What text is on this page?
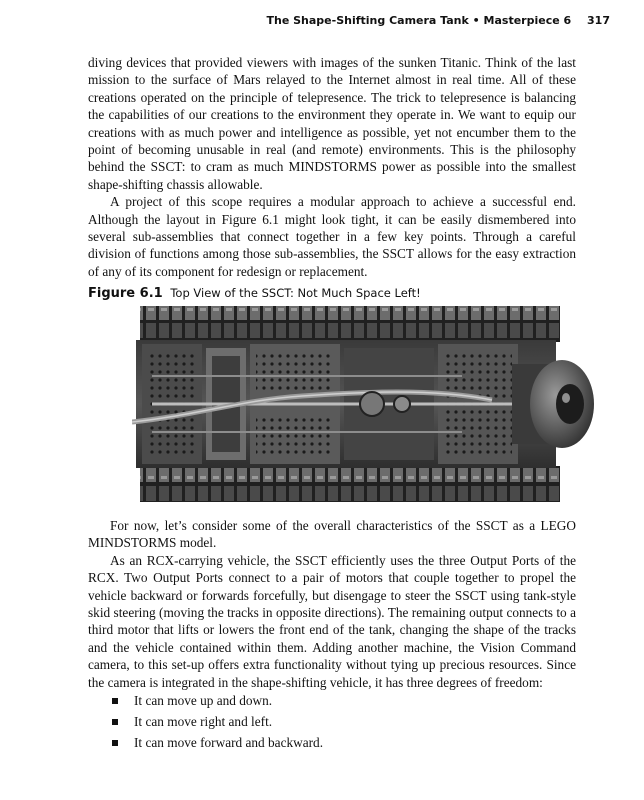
The Shape-Shifting Camera Tank • Masterpiece 6 317

diving devices that provided viewers with images of the sunken Titanic. Think of the last mission to the surface of Mars relayed to the Internet almost in real time. All of these creations operated on the principle of telepresence. The trick to telepresence is balancing the capabilities of our creations to the environment they operate in. We want to equip our creations with as much power and intelligence as possible, yet not encumber them to the point of becoming unusable in real (and remote) environments. This is the philosophy behind the SSCT: to cram as much MINDSTORMS power as possible into the smallest shape-shifting chassis allowable.

A project of this scope requires a modular approach to achieve a successful end. Although the layout in Figure 6.1 might look tight, it can be easily dismembered into several sub-assemblies that connect together in a few key points. Through a careful division of functions among those sub-assemblies, the SSCT allows for the easy extraction of any of its component for redesign or replacement.

Figure 6.1 Top View of the SSCT: Not Much Space Left!

For now, let’s consider some of the overall characteristics of the SSCT as a LEGO MINDSTORMS model.

As an RCX-carrying vehicle, the SSCT efficiently uses the three Output Ports of the RCX. Two Output Ports connect to a pair of motors that couple together to propel the vehicle backward or forwards forcefully, but disengage to steer the SSCT using tank-style skid steering (moving the tracks in opposite directions). The remaining output connects to a third motor that lifts or lowers the front end of the tank, changing the shape of the tracks and the vehicle contained within them. Adding another machine, the Vision Command camera, to this set-up offers extra functionality without tying up precious resources. Since the camera is integrated in the shape-shifting vehicle, it has three degrees of freedom:

It can move up and down.
It can move right and left.
It can move forward and backward.
